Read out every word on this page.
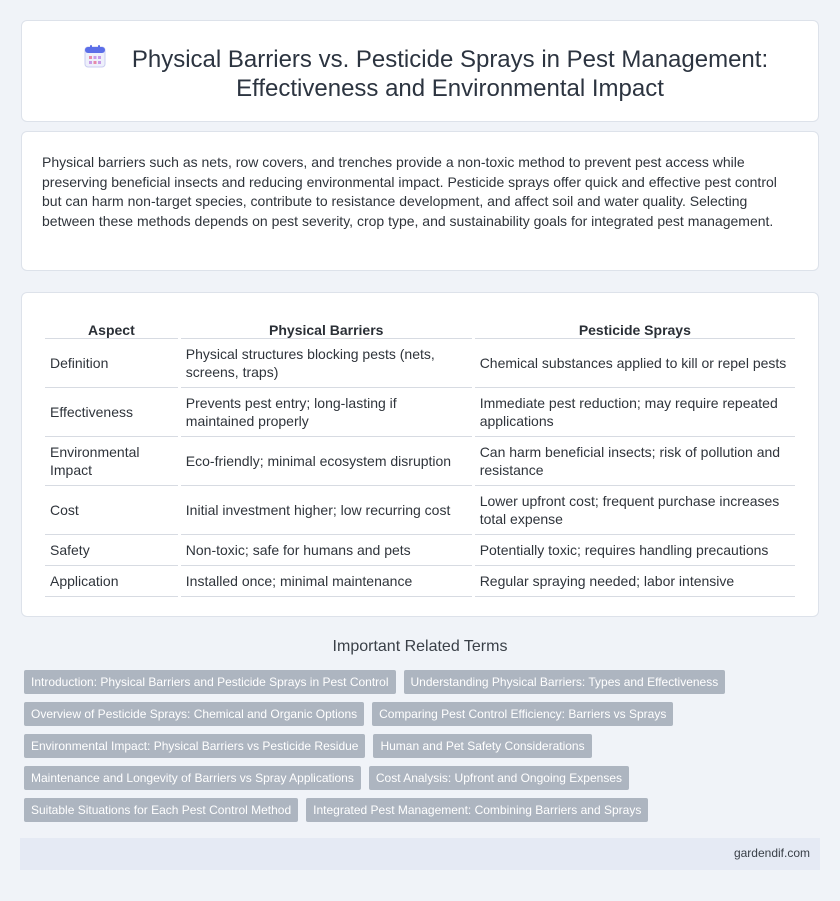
Physical Barriers vs. Pesticide Sprays in Pest Management:
Effectiveness and Environmental Impact
Physical barriers such as nets, row covers, and trenches provide a non-toxic method to prevent pest access while preserving beneficial insects and reducing environmental impact. Pesticide sprays offer quick and effective pest control but can harm non-target species, contribute to resistance development, and affect soil and water quality. Selecting between these methods depends on pest severity, crop type, and sustainability goals for integrated pest management.
Aspect	Physical Barriers	Pesticide Sprays
Definition	Physical structures blocking pests (nets, screens, traps)	Chemical substances applied to kill or repel pests
Effectiveness	Prevents pest entry; long-lasting if maintained properly	Immediate pest reduction; may require repeated applications
Environmental Impact	Eco-friendly; minimal ecosystem disruption	Can harm beneficial insects; risk of pollution and resistance
Cost	Initial investment higher; low recurring cost	Lower upfront cost; frequent purchase increases total expense
Safety	Non-toxic; safe for humans and pets	Potentially toxic; requires handling precautions
Application	Installed once; minimal maintenance	Regular spraying needed; labor intensive
Important Related Terms
Introduction: Physical Barriers and Pesticide Sprays in Pest Control	Understanding Physical Barriers: Types and Effectiveness
Overview of Pesticide Sprays: Chemical and Organic Options	Comparing Pest Control Efficiency: Barriers vs Sprays
Environmental Impact: Physical Barriers vs Pesticide Residue	Human and Pet Safety Considerations
Maintenance and Longevity of Barriers vs Spray Applications	Cost Analysis: Upfront and Ongoing Expenses
Suitable Situations for Each Pest Control Method	Integrated Pest Management: Combining Barriers and Sprays
gardendif.com
